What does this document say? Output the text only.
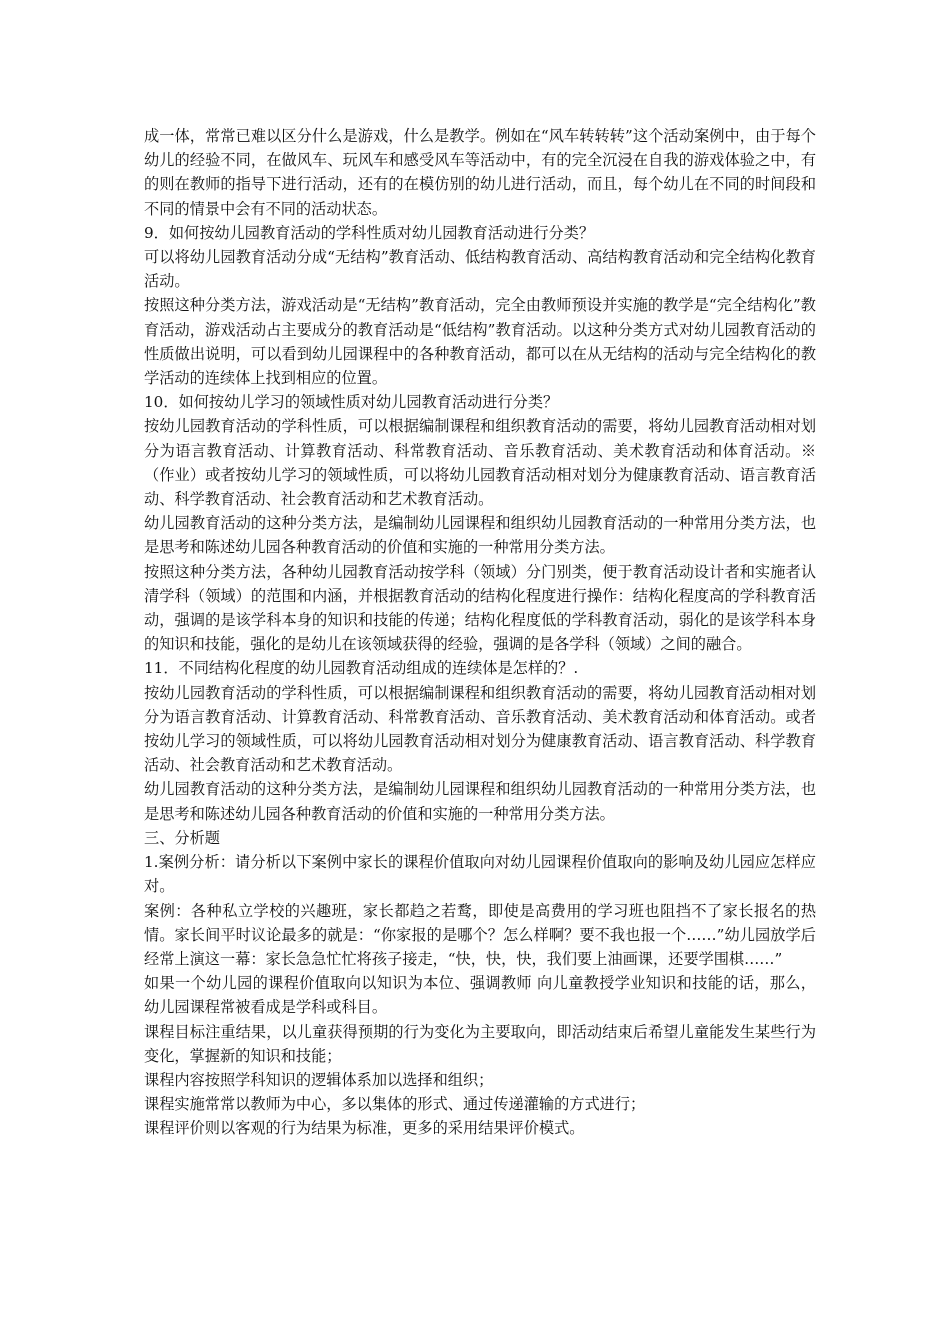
成一体，常常已难以区分什么是游戏，什么是教学。例如在“风车转转转”这个活动案例中，由于每个幼儿的经验不同，在做风车、玩风车和感受风车等活动中，有的完全沉浸在自我的游戏体验之中，有的则在教师的指导下进行活动，还有的在模仿别的幼儿进行活动，而且，每个幼儿在不同的时间段和不同的情景中会有不同的活动状态。

9．如何按幼儿园教育活动的学科性质对幼儿园教育活动进行分类？

可以将幼儿园教育活动分成“无结构”教育活动、低结构教育活动、高结构教育活动和完全结构化教育活动。

按照这种分类方法，游戏活动是“无结构”教育活动，完全由教师预设并实施的教学是“完全结构化”教育活动，游戏活动占主要成分的教育活动是“低结构”教育活动。以这种分类方式对幼儿园教育活动的性质做出说明，可以看到幼儿园课程中的各种教育活动，都可以在从无结构的活动与完全结构化的教学活动的连续体上找到相应的位置。

10．如何按幼儿学习的领域性质对幼儿园教育活动进行分类？

按幼儿园教育活动的学科性质，可以根据编制课程和组织教育活动的需要，将幼儿园教育活动相对划分为语言教育活动、计算教育活动、科常教育活动、音乐教育活动、美术教育活动和体育活动。※（作业）或者按幼儿学习的领域性质，可以将幼儿园教育活动相对划分为健康教育活动、语言教育活动、科学教育活动、社会教育活动和艺术教育活动。

幼儿园教育活动的这种分类方法，是编制幼儿园课程和组织幼儿园教育活动的一种常用分类方法，也是思考和陈述幼儿园各种教育活动的价值和实施的一种常用分类方法。

按照这种分类方法，各种幼儿园教育活动按学科（领域）分门别类，便于教育活动设计者和实施者认清学科（领域）的范围和内涵，并根据教育活动的结构化程度进行操作：结构化程度高的学科教育活动，强调的是该学科本身的知识和技能的传递；结构化程度低的学科教育活动，弱化的是该学科本身的知识和技能，强化的是幼儿在该领域获得的经验，强调的是各学科（领域）之间的融合。

11．不同结构化程度的幼儿园教育活动组成的连续体是怎样的？.

按幼儿园教育活动的学科性质，可以根据编制课程和组织教育活动的需要，将幼儿园教育活动相对划分为语言教育活动、计算教育活动、科常教育活动、音乐教育活动、美术教育活动和体育活动。或者按幼儿学习的领域性质，可以将幼儿园教育活动相对划分为健康教育活动、语言教育活动、科学教育活动、社会教育活动和艺术教育活动。

幼儿园教育活动的这种分类方法，是编制幼儿园课程和组织幼儿园教育活动的一种常用分类方法，也是思考和陈述幼儿园各种教育活动的价值和实施的一种常用分类方法。

三、分析题

1.案例分析：请分析以下案例中家长的课程价值取向对幼儿园课程价值取向的影响及幼儿园应怎样应对。

案例：各种私立学校的兴趣班，家长都趋之若鹜，即使是高费用的学习班也阻挡不了家长报名的热情。家长间平时议论最多的就是：“你家报的是哪个？怎么样啊？要不我也报一个……”幼儿园放学后经常上演这一幕：家长急急忙忙将孩子接走，“快，快，快，我们要上油画课，还要学围棋……”

如果一个幼儿园的课程价值取向以知识为本位、强调教师 向儿童教授学业知识和技能的话，那么，幼儿园课程常被看成是学科或科目。

课程目标注重结果，以儿童获得预期的行为变化为主要取向，即活动结束后希望儿童能发生某些行为变化，掌握新的知识和技能；

课程内容按照学科知识的逻辑体系加以选择和组织；

课程实施常常以教师为中心，多以集体的形式、通过传递灌输的方式进行；

课程评价则以客观的行为结果为标准，更多的采用结果评价模式。
